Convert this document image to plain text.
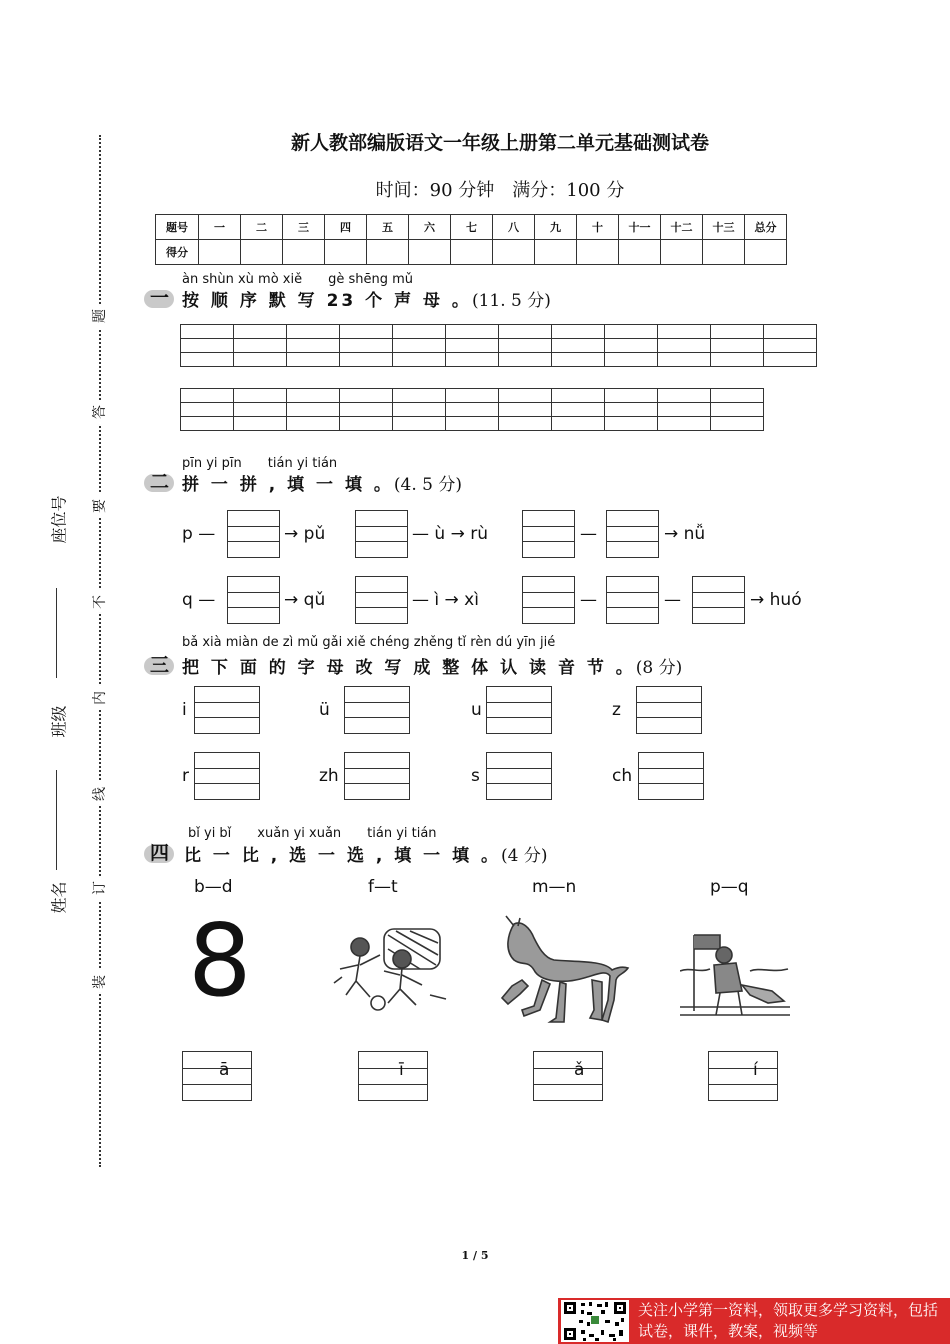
题
答
要
不
内
线
订
装
座位号
班级
姓名
新人教部编版语文一年级上册第二单元基础测试卷
时间：90 分钟　满分：100 分
题号	一	二	三	四	五	六	七	八	九	十	十一	十二	十三	总分
得分														
一
àn shùn xù mò xiě　　gè shēng mǔ
按 顺 序 默 写 23 个 声 母 。(11. 5 分)

二
pīn yi pīn　　tián yi tián
拼 一 拼 , 填 一 填 。(4. 5 分)
p —	→ pǔ	— ù → rù	—	→ nǚ
q —	→ qǔ	— ì → xì	—	—	→ huó
三
bǎ xià miàn de zì mǔ gǎi xiě chéng zhěng tǐ rèn dú yīn jié
把 下 面 的 字 母 改 写 成 整 体 认 读 音 节 。(8 分)
i	ü	u	z
r	zh	s	ch
四
bǐ yi bǐ　　xuǎn yi xuǎn　　tián yi tián
比 一 比 , 选 一 选 , 填 一 填 。(4 分)
b—d	f—t	m—n	p—q
8
ā	ī	ǎ	í
1 / 5
关注小学第一资料，领取更多学习资料，包括试卷，课件，教案，视频等
